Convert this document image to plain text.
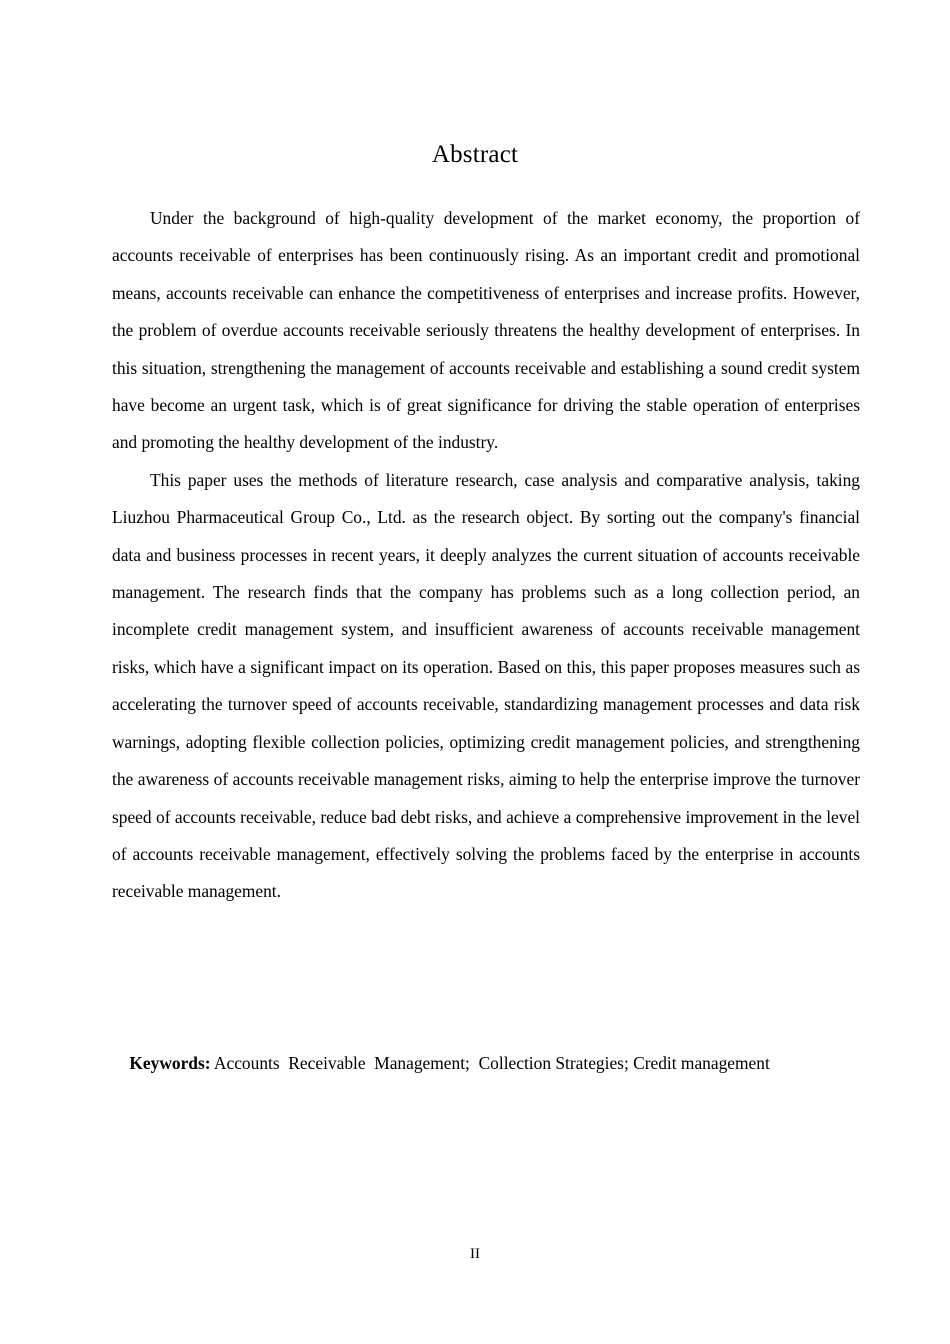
Abstract

Under the background of high-quality development of the market economy, the proportion of accounts receivable of enterprises has been continuously rising. As an important credit and promotional means, accounts receivable can enhance the competitiveness of enterprises and increase profits. However, the problem of overdue accounts receivable seriously threatens the healthy development of enterprises. In this situation, strengthening the management of accounts receivable and establishing a sound credit system have become an urgent task, which is of great significance for driving the stable operation of enterprises and promoting the healthy development of the industry.

This paper uses the methods of literature research, case analysis and comparative analysis, taking Liuzhou Pharmaceutical Group Co., Ltd. as the research object. By sorting out the company's financial data and business processes in recent years, it deeply analyzes the current situation of accounts receivable management. The research finds that the company has problems such as a long collection period, an incomplete credit management system, and insufficient awareness of accounts receivable management risks, which have a significant impact on its operation. Based on this, this paper proposes measures such as accelerating the turnover speed of accounts receivable, standardizing management processes and data risk warnings, adopting flexible collection policies, optimizing credit management policies, and strengthening the awareness of accounts receivable management risks, aiming to help the enterprise improve the turnover speed of accounts receivable, reduce bad debt risks, and achieve a comprehensive improvement in the level of accounts receivable management, effectively solving the problems faced by the enterprise in accounts receivable management.

Keywords: Accounts  Receivable  Management;  Collection Strategies; Credit management

II
